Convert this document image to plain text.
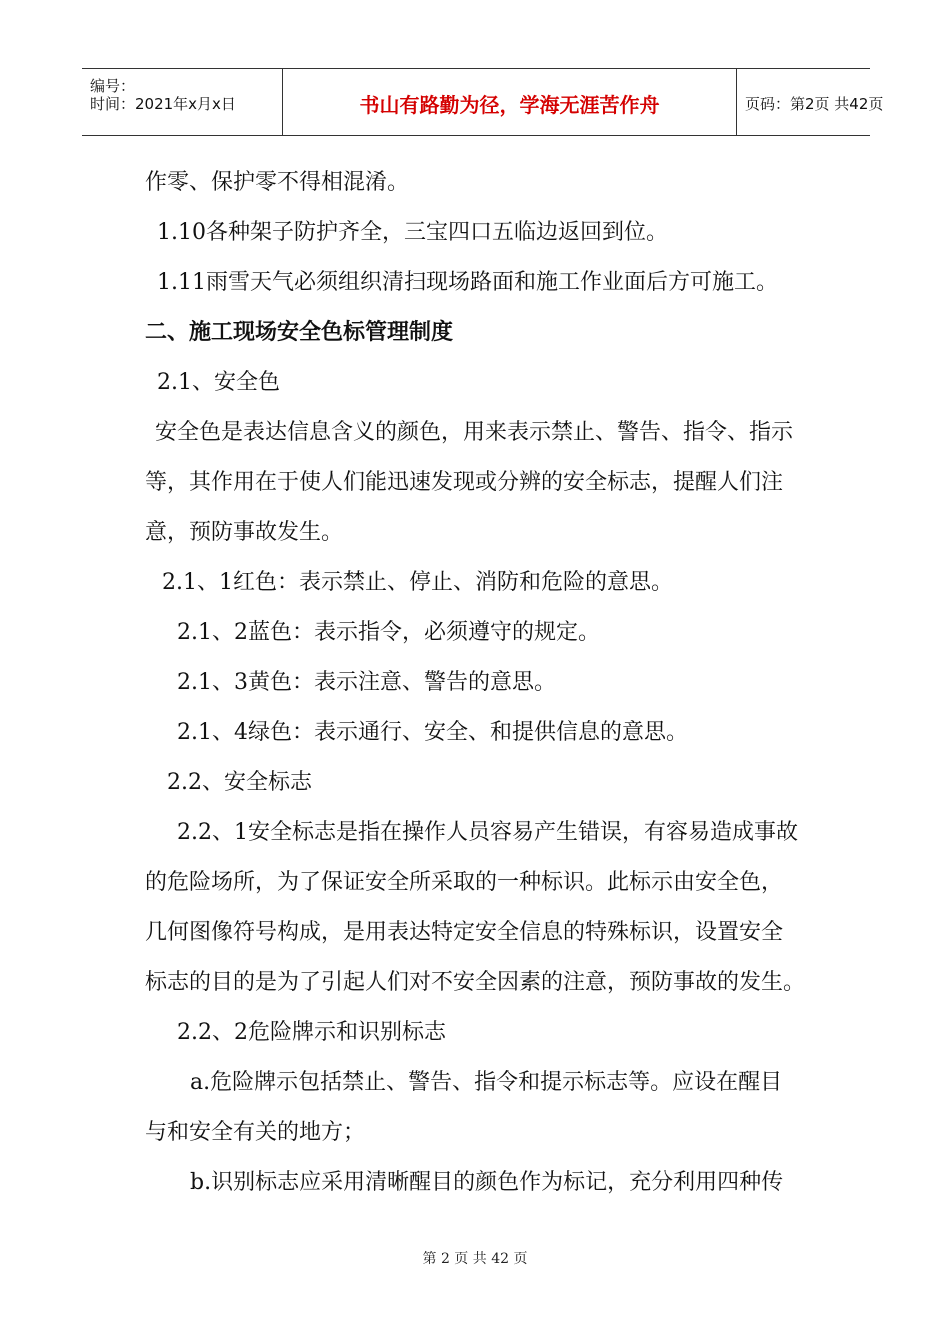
编号：
时间：2021年x月x日	书山有路勤为径，学海无涯苦作舟	页码：第2页 共42页
作零、保护零不得相混淆。
1.10各种架子防护齐全，三宝四口五临边返回到位。
1.11雨雪天气必须组织清扫现场路面和施工作业面后方可施工。
二、施工现场安全色标管理制度
2.1、安全色
安全色是表达信息含义的颜色，用来表示禁止、警告、指令、指示
等，其作用在于使人们能迅速发现或分辨的安全标志，提醒人们注
意，预防事故发生。
2.1、1红色：表示禁止、停止、消防和危险的意思。
2.1、2蓝色：表示指令，必须遵守的规定。
2.1、3黄色：表示注意、警告的意思。
2.1、4绿色：表示通行、安全、和提供信息的意思。
2.2、安全标志
2.2、1安全标志是指在操作人员容易产生错误，有容易造成事故
的危险场所，为了保证安全所采取的一种标识。此标示由安全色，
几何图像符号构成，是用表达特定安全信息的特殊标识，设置安全
标志的目的是为了引起人们对不安全因素的注意，预防事故的发生。
2.2、2危险牌示和识别标志
a.危险牌示包括禁止、警告、指令和提示标志等。应设在醒目
与和安全有关的地方；
b.识别标志应采用清晰醒目的颜色作为标记，充分利用四种传
第 2 页 共 42 页
